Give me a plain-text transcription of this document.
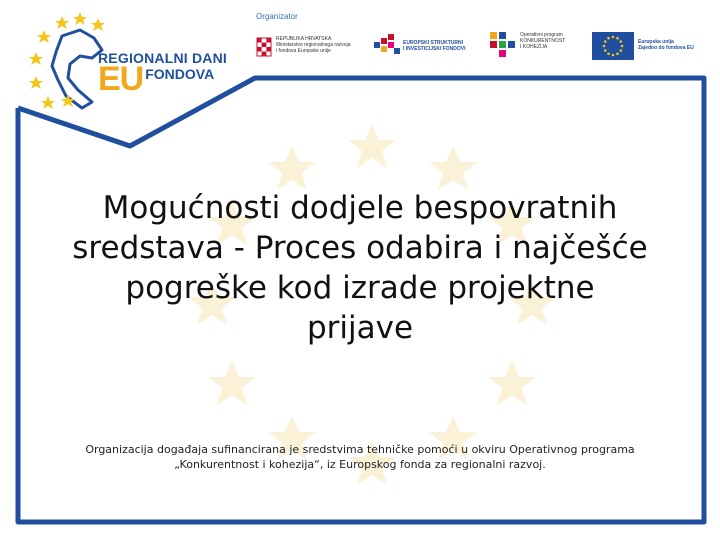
REGIONALNI DANI
EU FONDOVA
Organizator
REPUBLIKA HRVATSKA
Ministarstvo regionalnoga razvoja
i fondova Europske unije
EUROPSKI STRUKTURNI
I INVESTICIJSKI FONDOVI
Operativni program
KONKURENTNOST
I KOHEZIJA
Europska unija
Zajedno do fondova EU
Mogućnosti dodjele bespovratnih
sredstava - Proces odabira i najčešće
pogreške kod izrade projektne
prijave
Organizacija događaja sufinancirana je sredstvima tehničke pomoći u okviru Operativnog programa
„Konkurentnost i kohezija“, iz Europskog fonda za regionalni razvoj.
